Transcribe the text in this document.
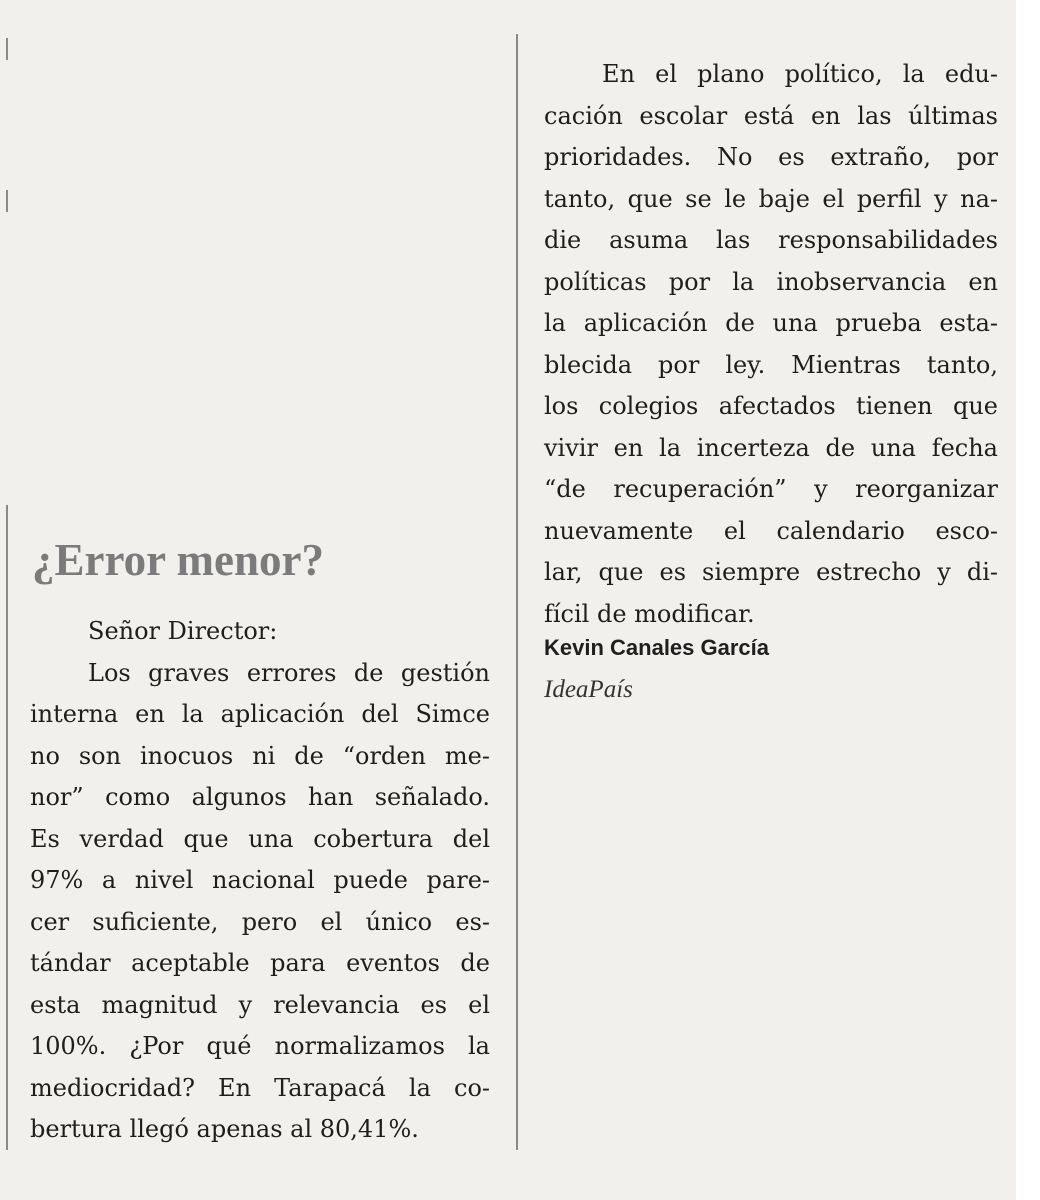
¿Error menor?
Señor Director:
Los graves errores de gestión
interna en la aplicación del Simce
no son inocuos ni de “orden me-
nor” como algunos han señalado.
Es verdad que una cobertura del
97% a nivel nacional puede pare-
cer suficiente, pero el único es-
tándar aceptable para eventos de
esta magnitud y relevancia es el
100%. ¿Por qué normalizamos la
mediocridad? En Tarapacá la co-
bertura llegó apenas al 80,41%.
En el plano político, la edu-
cación escolar está en las últimas
prioridades. No es extraño, por
tanto, que se le baje el perfil y na-
die asuma las responsabilidades
políticas por la inobservancia en
la aplicación de una prueba esta-
blecida por ley. Mientras tanto,
los colegios afectados tienen que
vivir en la incerteza de una fecha
“de recuperación” y reorganizar
nuevamente el calendario esco-
lar, que es siempre estrecho y di-
fícil de modificar.
Kevin Canales García
IdeaPaís
